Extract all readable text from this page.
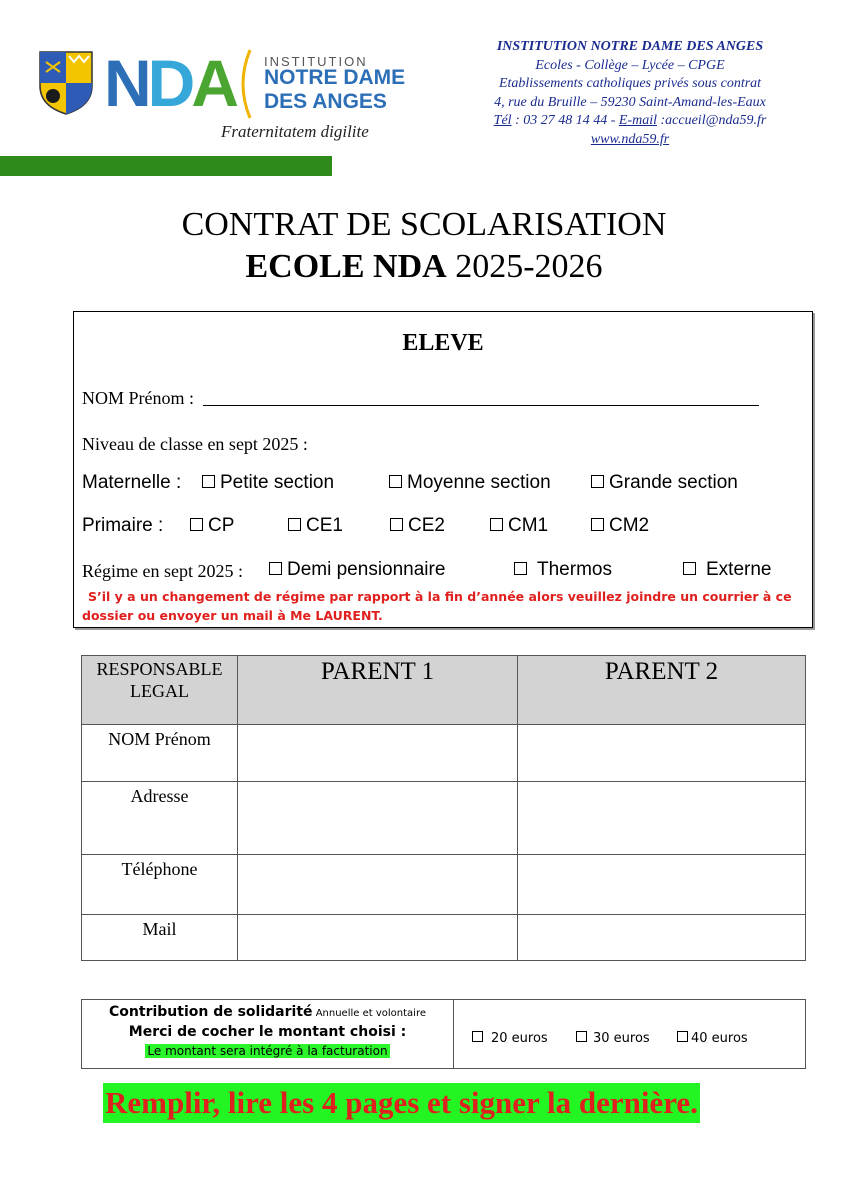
NDA INSTITUTION
NOTRE DAME
DES ANGES
Fraternitatem digilite
INSTITUTION NOTRE DAME DES ANGES
Ecoles - Collège – Lycée – CPGE
Etablissements catholiques privés sous contrat
4, rue du Bruille – 59230 Saint-Amand-les-Eaux
Tél : 03 27 48 14 44 - E-mail :accueil@nda59.fr
www.nda59.fr
CONTRAT DE SCOLARISATION
ECOLE NDA 2025-2026
ELEVE
NOM Prénom :
Niveau de classe en sept 2025 :
Maternelle :	Petite section	Moyenne section	Grande section
Primaire :	CP	CE1	CE2	CM1	CM2
Régime en sept 2025 :	Demi pensionnaire	Thermos	Externe
S’il y a un changement de régime par rapport à la fin d’année alors veuillez joindre un courrier à ce
dossier ou envoyer un mail à Me LAURENT.
RESPONSABLE
LEGAL	PARENT 1	PARENT 2
NOM Prénom		
Adresse		
Téléphone		
Mail		
Contribution de solidarité Annuelle et volontaire
Merci de cocher le montant choisi :
Le montant sera intégré à la facturation
20 euros	30 euros	40 euros
Remplir, lire les 4 pages et signer la dernière.
